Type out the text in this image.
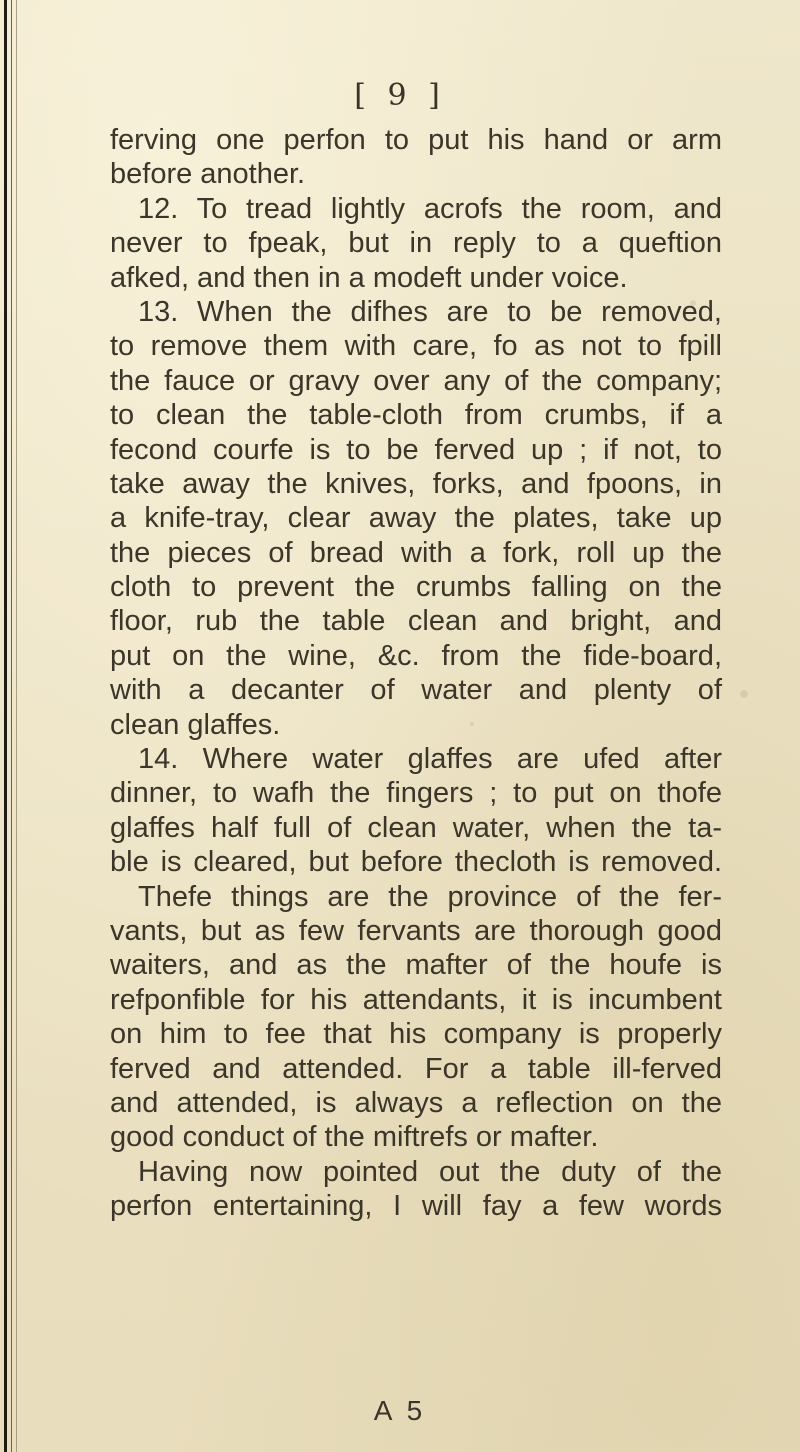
[ 9 ]
ferving one perfon to put his hand or arm
before another.
12. To tread lightly acrofs the room, and
never to fpeak, but in reply to a queftion
afked, and then in a modeft under voice.
13. When the difhes are to be removed,
to remove them with care, fo as not to fpill
the fauce or gravy over any of the company;
to clean the table-cloth from crumbs, if a
fecond courfe is to be ferved up ; if not, to
take away the knives, forks, and fpoons, in
a knife-tray, clear away the plates, take up
the pieces of bread with a fork, roll up the
cloth to prevent the crumbs falling on the
floor, rub the table clean and bright, and
put on the wine, &c. from the fide-board,
with a decanter of water and plenty of
clean glaffes.
14. Where water glaffes are ufed after
dinner, to wafh the fingers ; to put on thofe
glaffes half full of clean water, when the ta-
ble is cleared, but before thecloth is removed.
Thefe things are the province of the fer-
vants, but as few fervants are thorough good
waiters, and as the mafter of the houfe is
refponfible for his attendants, it is incumbent
on him to fee that his company is properly
ferved and attended. For a table ill-ferved
and attended, is always a reflection on the
good conduct of the miftrefs or mafter.
Having now pointed out the duty of the
perfon entertaining, I will fay a few words
A 5
